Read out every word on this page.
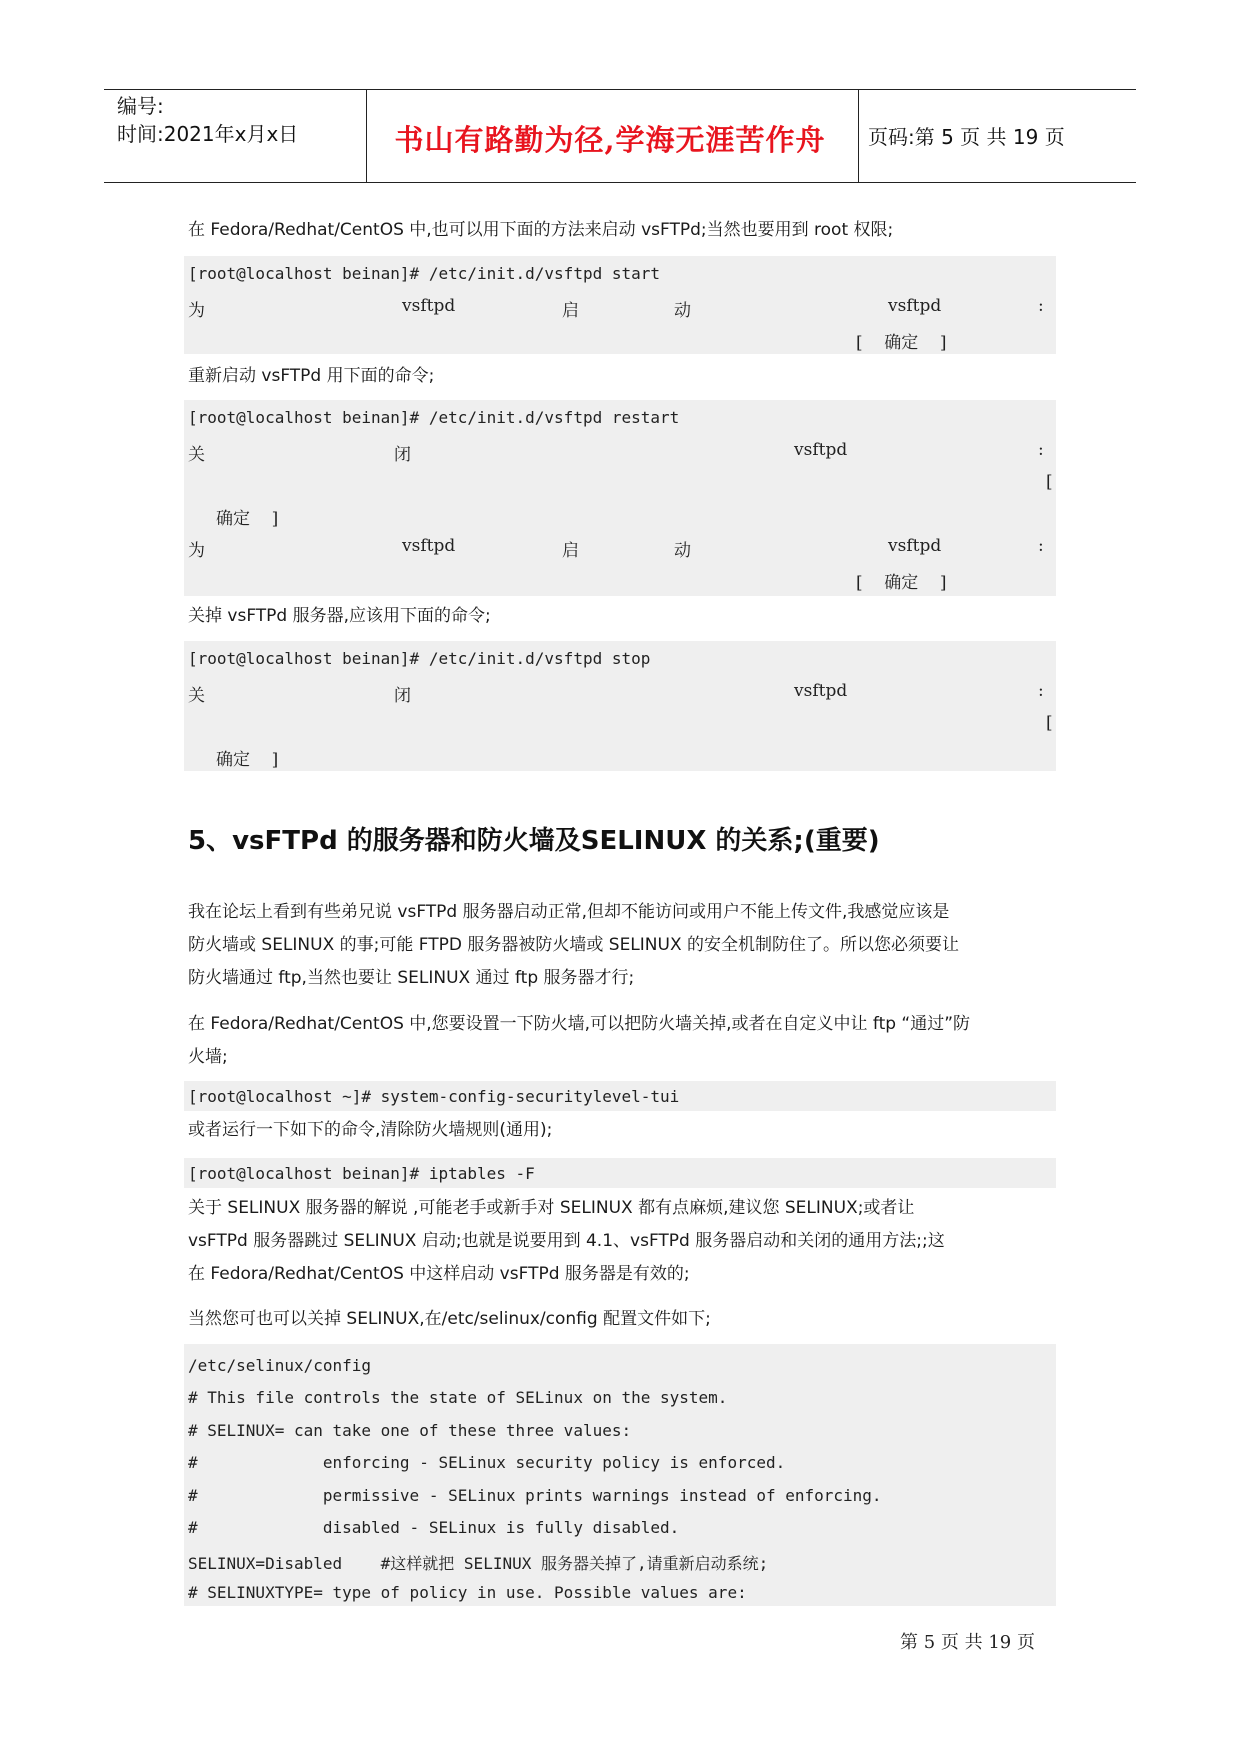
编号:
时间:2021年x月x日	书山有路勤为径,学海无涯苦作舟	页码:第 5 页 共 19 页
在 Fedora/Redhat/CentOS 中,也可以用下面的方法来启动 vsFTPd;当然也要用到 root 权限;
[root@localhost beinan]# /etc/init.d/vsftpd start
为	vsftpd	启	动	vsftpd	:
[    确定    ]
重新启动 vsFTPd 用下面的命令;
[root@localhost beinan]# /etc/init.d/vsftpd restart
关	闭	vsftpd	:
[
确定    ]
为	vsftpd	启	动	vsftpd	:
[    确定    ]
关掉 vsFTPd 服务器,应该用下面的命令;
[root@localhost beinan]# /etc/init.d/vsftpd stop
关	闭	vsftpd	:
[
确定    ]
5、vsFTPd 的服务器和防火墙及SELINUX 的关系;(重要)
我在论坛上看到有些弟兄说 vsFTPd 服务器启动正常,但却不能访问或用户不能上传文件,我感觉应该是
防火墙或 SELINUX 的事;可能 FTPD 服务器被防火墙或 SELINUX 的安全机制防住了。所以您必须要让
防火墙通过 ftp,当然也要让 SELINUX 通过 ftp 服务器才行;
在 Fedora/Redhat/CentOS 中,您要设置一下防火墙,可以把防火墙关掉,或者在自定义中让 ftp “通过”防
火墙;
[root@localhost ~]# system-config-securitylevel-tui
或者运行一下如下的命令,清除防火墙规则(通用);
[root@localhost beinan]# iptables -F
关于 SELINUX 服务器的解说 ,可能老手或新手对 SELINUX 都有点麻烦,建议您 SELINUX;或者让
vsFTPd 服务器跳过 SELINUX 启动;也就是说要用到 4.1、vsFTPd 服务器启动和关闭的通用方法;;这
在 Fedora/Redhat/CentOS 中这样启动 vsFTPd 服务器是有效的;
当然您可也可以关掉 SELINUX,在/etc/selinux/config 配置文件如下;
/etc/selinux/config
# This file controls the state of SELinux on the system.
# SELINUX= can take one of these three values:
#             enforcing - SELinux security policy is enforced.
#             permissive - SELinux prints warnings instead of enforcing.
#             disabled - SELinux is fully disabled.
SELINUX=Disabled    #这样就把 SELINUX 服务器关掉了,请重新启动系统;
# SELINUXTYPE= type of policy in use. Possible values are:
第 5 页 共 19 页
